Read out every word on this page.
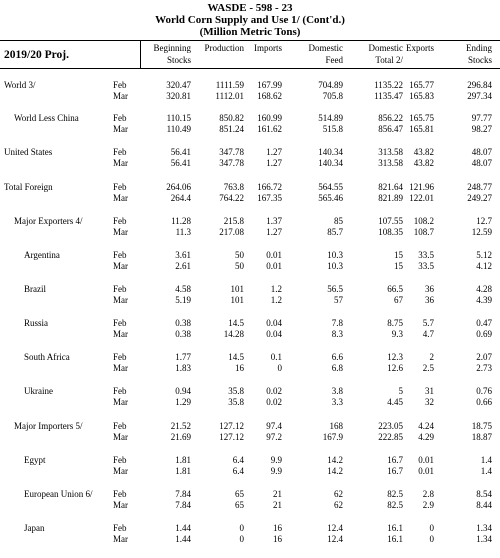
WASDE - 598 - 23
World Corn Supply and Use 1/ (Cont'd.)
(Million Metric Tons)
2019/20 Proj.
Beginning
Stocks
Production Imports	Domestic
Feed
Domestic
Total 2/
Exports	Ending
Stocks
World 3/	Feb	320.47	1111.59 167.99	704.89	1135.22 165.77	296.84
Mar	320.81	1112.01 168.62	705.8	1135.47 165.83	297.34
World Less China	Feb	110.15	850.82 160.99	514.89	856.22 165.75	97.77
Mar	110.49	851.24 161.62	515.8	856.47 165.81	98.27
United States	Feb	56.41	347.78 1.27	140.34	313.58 43.82	48.07
Mar	56.41	347.78 1.27	140.34	313.58 43.82	48.07
Total Foreign	Feb	264.06	763.8 166.72	564.55	821.64 121.96	248.77
Mar	264.4	764.22 167.35	565.46	821.89 122.01	249.27
Major Exporters 4/	Feb	11.28	215.8 1.37	85	107.55 108.2	12.7
Mar	11.3	217.08 1.27	85.7	108.35 108.7	12.59
Argentina	Feb	3.61	50 0.01	10.3	15 33.5	5.12
Mar	2.61	50 0.01	10.3	15 33.5	4.12
Brazil	Feb	4.58	101	1.2	56.5	66.5 36	4.28
Mar	5.19	101	1.2	57	67 36	4.39
Russia	Feb	0.38	14.5 0.04	7.8	8.75 5.7	0.47
Mar	0.38	14.28 0.04	8.3	9.3 4.7	0.69
South Africa	Feb	1.77	14.5	0.1	6.6	12.3	2	2.07
Mar	1.83	16	0	6.8	12.6 2.5	2.73
Ukraine	Feb	0.94	35.8 0.02	3.8	5 31	0.76
Mar	1.29	35.8 0.02	3.3	4.45 32	0.66
Major Importers 5/	Feb	21.52	127.12 97.4	168	223.05 4.24	18.75
Mar	21.69	127.12 97.2	167.9	222.85 4.29	18.87
Egypt	Feb	1.81	6.4	9.9	14.2	16.7 0.01	1.4
Mar	1.81	6.4	9.9	14.2	16.7 0.01	1.4
European Union 6/ Feb	7.84	65	21	62	82.5 2.8	8.54
Mar	7.84	65	21	62	82.5 2.9	8.44
Japan	Feb	1.44	0	16	12.4	16.1	0	1.34
Mar	1.44	0	16	12.4	16.1	0	1.34
